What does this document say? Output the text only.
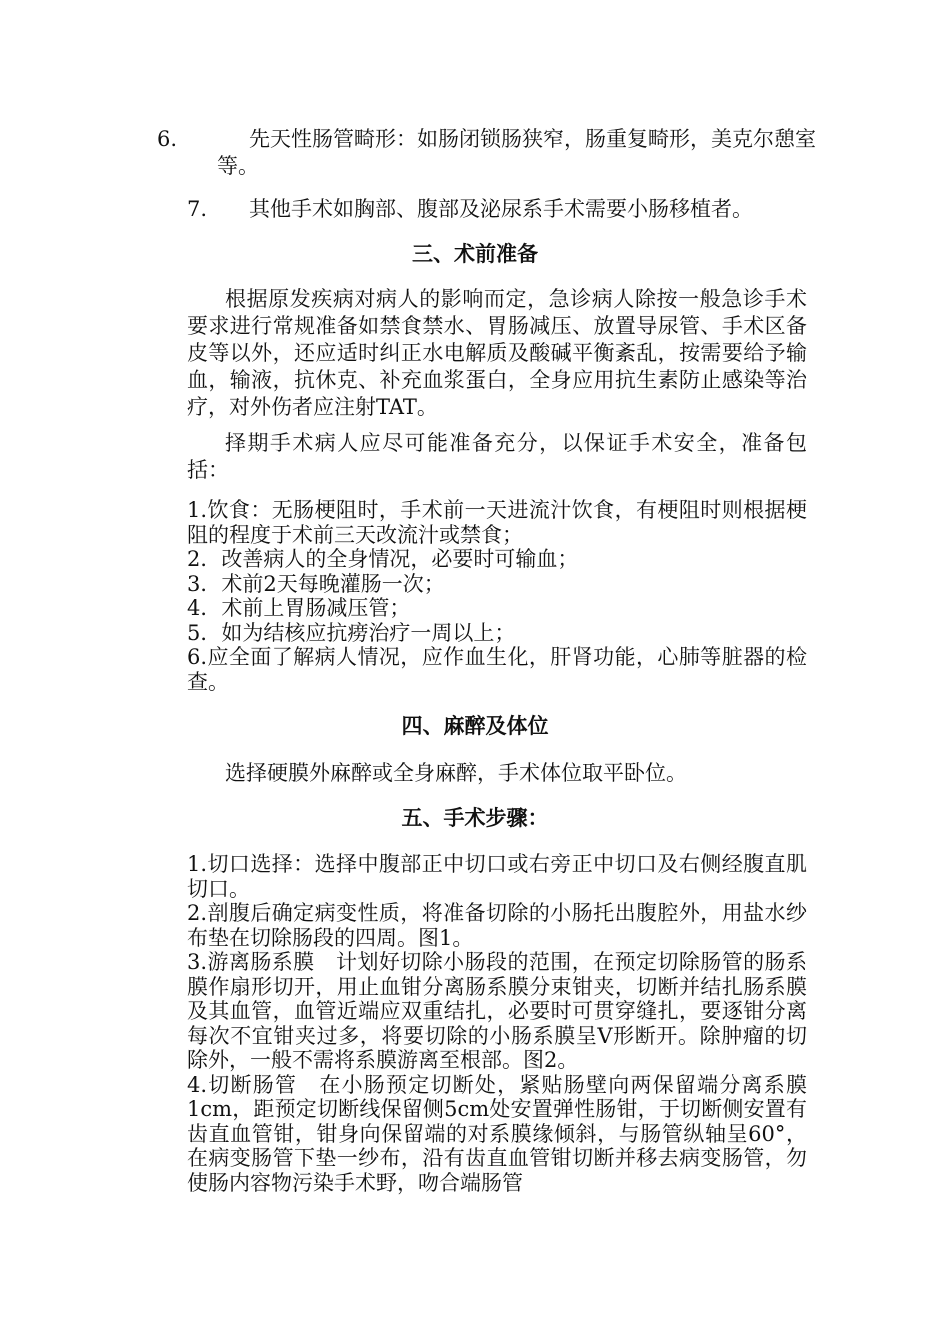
6.	先天性肠管畸形：如肠闭锁肠狭窄，肠重复畸形，美克尔憩室等。
7. 其他手术如胸部、腹部及泌尿系手术需要小肠移植者。
三、术前准备
根据原发疾病对病人的影响而定，急诊病人除按一般急诊手术要求进行常规准备如禁食禁水、胃肠减压、放置导尿管、手术区备皮等以外，还应适时纠正水电解质及酸碱平衡紊乱，按需要给予输血，输液，抗休克、补充血浆蛋白，全身应用抗生素防止感染等治疗，对外伤者应注射TAT。
择期手术病人应尽可能准备充分，以保证手术安全，准备包括：
1.饮食：无肠梗阻时，手术前一天进流汁饮食，有梗阻时则根据梗阻的程度于术前三天改流汁或禁食；
2．改善病人的全身情况，必要时可输血；
3．术前2天每晚灌肠一次；
4．术前上胃肠减压管；
5．如为结核应抗痨治疗一周以上；
6.应全面了解病人情况，应作血生化，肝肾功能，心肺等脏器的检查。
四、麻醉及体位
选择硬膜外麻醉或全身麻醉，手术体位取平卧位。
五、手术步骤：
1.切口选择：选择中腹部正中切口或右旁正中切口及右侧经腹直肌切口。
2.剖腹后确定病变性质，将准备切除的小肠托出腹腔外，用盐水纱布垫在切除肠段的四周。图1。
3.游离肠系膜　计划好切除小肠段的范围，在预定切除肠管的肠系膜作扇形切开，用止血钳分离肠系膜分束钳夹，切断并结扎肠系膜及其血管，血管近端应双重结扎，必要时可贯穿缝扎，要逐钳分离每次不宜钳夹过多，将要切除的小肠系膜呈V形断开。除肿瘤的切除外，一般不需将系膜游离至根部。图2。
4.切断肠管　在小肠预定切断处，紧贴肠壁向两保留端分离系膜1cm，距预定切断线保留侧5cm处安置弹性肠钳，于切断侧安置有齿直血管钳，钳身向保留端的对系膜缘倾斜，与肠管纵轴呈60°，在病变肠管下垫一纱布，沿有齿直血管钳切断并移去病变肠管，勿使肠内容物污染手术野，吻合端肠管
